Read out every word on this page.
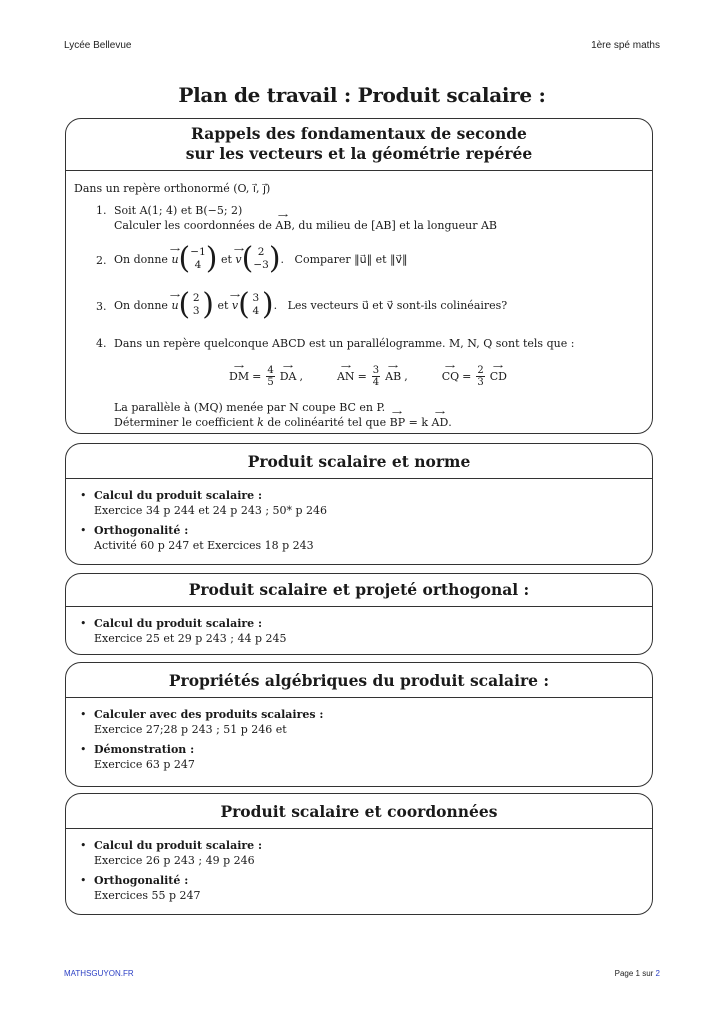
Lycée Bellevue	1ère spé maths
Plan de travail : Produit scalaire :
Rappels des fondamentaux de seconde
sur les vecteurs et la géométrie repérée
Dans un repère orthonormé (O, i⃗, j⃗)
1. Soit A(1; 4) et B(−5; 2)
Calculer les coordonnées de → AB, du milieu de [AB] et la longueur AB
2. On donne
→ u ( −1
4 )
et
→ v ( 2
−3 ) .
Comparer ‖u⃗‖ et ‖v⃗‖
3. On donne
→ u ( 2
3 )
et
→ v ( 3
4 ) .
Les vecteurs u⃗ et v⃗ sont-ils colinéaires?
4. Dans un repère quelconque ABCD est un parallélogramme. M, N, Q sont tels que :
→ DM = $\frac{4}{5}$ → DA ,	→ AN = $\frac{3}{4}$ → AB ,	→ CQ = $\frac{2}{3}$ → CD
La parallèle à (MQ) menée par N coupe BC en P.
Déterminer le coefficient k de colinéarité tel que → BP = k → AD.
Produit scalaire et norme
• Calcul du produit scalaire :
Exercice 34 p 244 et 24 p 243 ; 50* p 246
• Orthogonalité :
Activité 60 p 247 et Exercices 18 p 243
Produit scalaire et projeté orthogonal :
• Calcul du produit scalaire :
Exercice 25 et 29 p 243 ; 44 p 245
Propriétés algébriques du produit scalaire :
• Calculer avec des produits scalaires :
Exercice 27;28 p 243 ; 51 p 246 et
• Démonstration :
Exercice 63 p 247
Produit scalaire et coordonnées
• Calcul du produit scalaire :
Exercice 26 p 243 ; 49 p 246
• Orthogonalité :
Exercices 55 p 247
MATHSGUYON.FR	Page 1 sur 2
